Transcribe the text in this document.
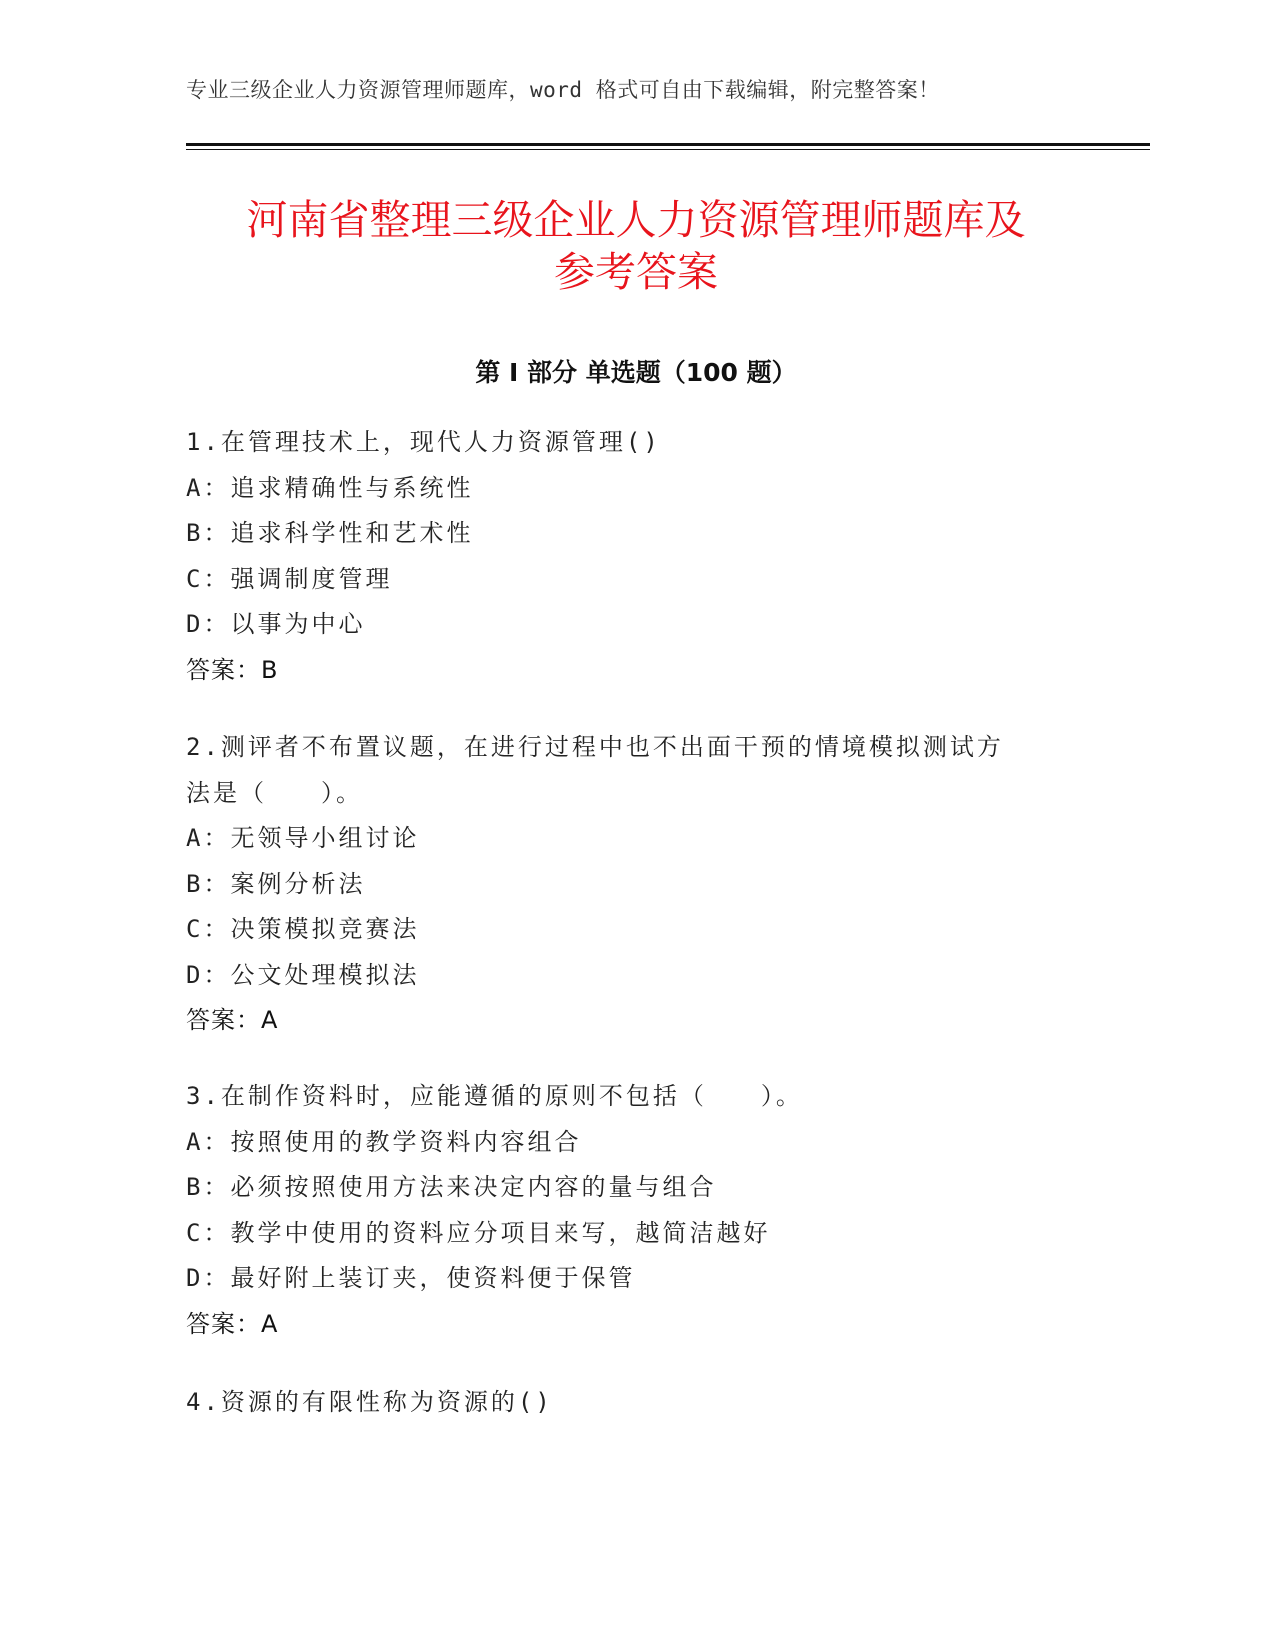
专业三级企业人力资源管理师题库，word 格式可自由下载编辑，附完整答案！
河南省整理三级企业人力资源管理师题库及
参考答案
第 I 部分 单选题（100 题）
1.在管理技术上，现代人力资源管理()
A：追求精确性与系统性
B：追求科学性和艺术性
C：强调制度管理
D：以事为中心
答案：B
2.测评者不布置议题，在进行过程中也不出面干预的情境模拟测试方
法是（　　）。
A：无领导小组讨论
B：案例分析法
C：决策模拟竞赛法
D：公文处理模拟法
答案：A
3.在制作资料时，应能遵循的原则不包括（　　）。
A：按照使用的教学资料内容组合
B：必须按照使用方法来决定内容的量与组合
C：教学中使用的资料应分项目来写，越简洁越好
D：最好附上装订夹，使资料便于保管
答案：A
4.资源的有限性称为资源的()
